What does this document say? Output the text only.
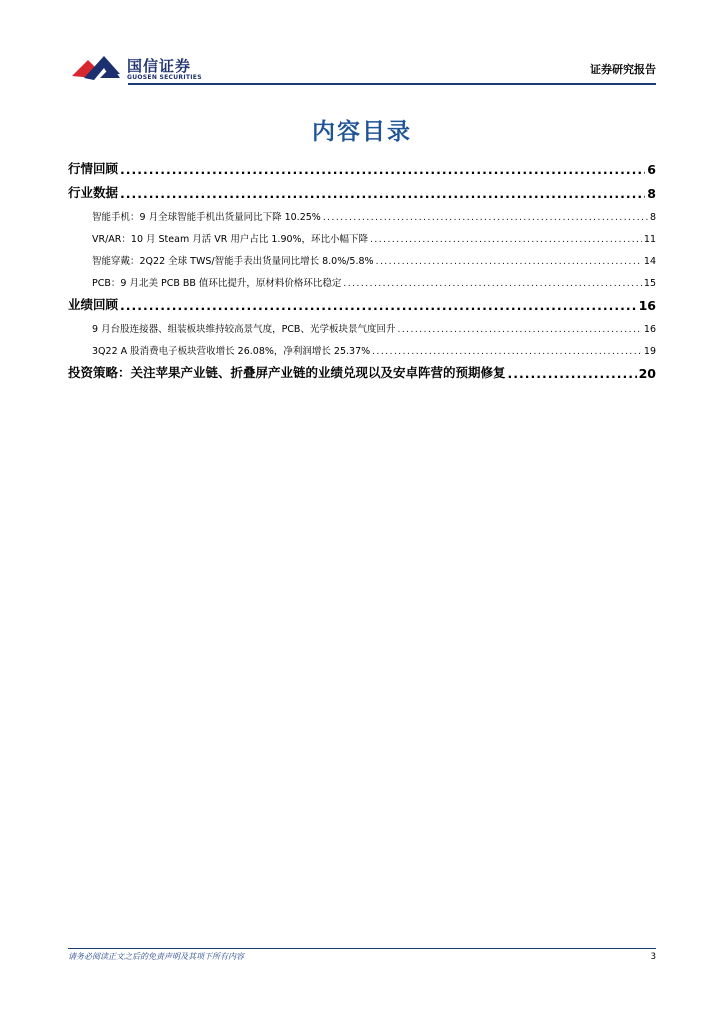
国信证券
GUOSEN SECURITIES
证券研究报告
内容目录
行情回顾 .....	6
行业数据 .....	8
智能手机：9 月全球智能手机出货量同比下降 10.25% .....	8
VR/AR：10 月 Steam 月活 VR 用户占比 1.90%，环比小幅下降 .....	11
智能穿戴：2Q22 全球 TWS/智能手表出货量同比增长 8.0%/5.8% .....	14
PCB：9 月北美 PCB BB 值环比提升，原材料价格环比稳定 .....	15
业绩回顾 .....	16
9 月台股连接器、组装板块维持较高景气度，PCB、光学板块景气度回升 .....	16
3Q22 A 股消费电子板块营收增长 26.08%，净利润增长 25.37% .....	19
投资策略：关注苹果产业链、折叠屏产业链的业绩兑现以及安卓阵营的预期修复 .....	20
请务必阅读正文之后的免责声明及其项下所有内容	3
